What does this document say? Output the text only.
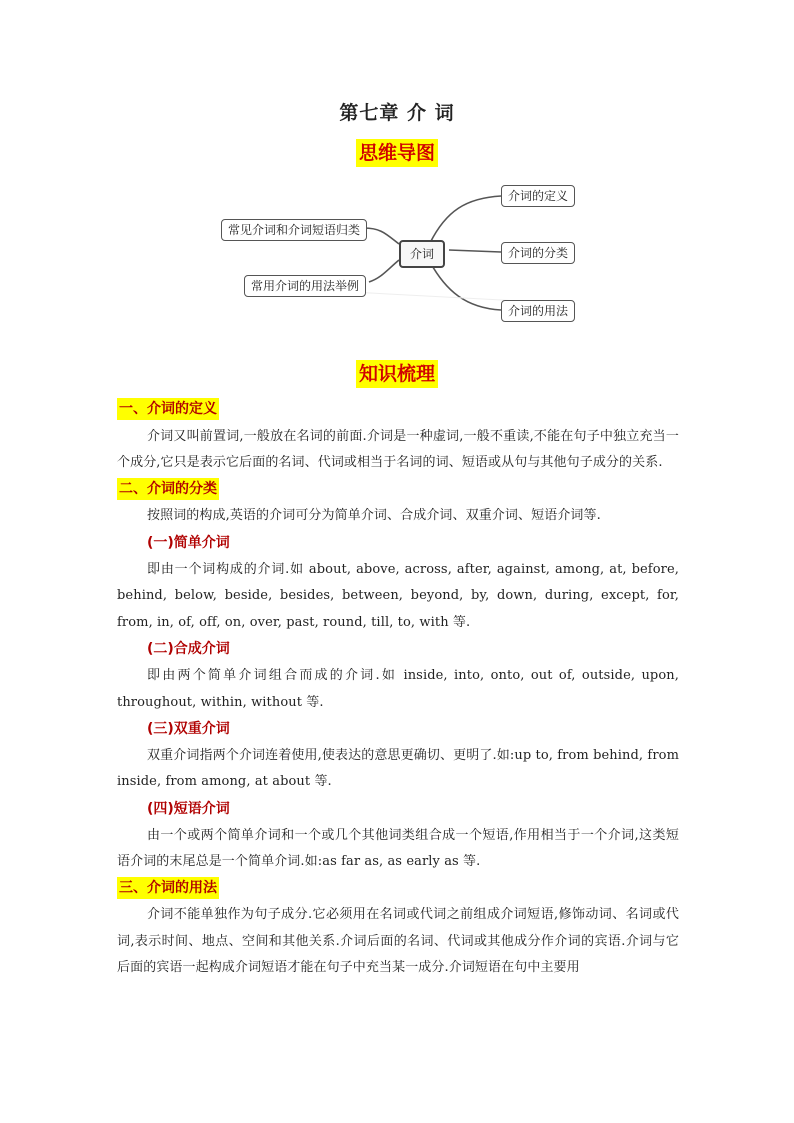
第七章 介 词
思维导图
常见介词和介词短语归类
常用介词的用法举例
介词
介词的定义
介词的分类
介词的用法
知识梳理
一、介词的定义

介词又叫前置词,一般放在名词的前面.介词是一种虚词,一般不重读,不能在句子中独立充当一个成分,它只是表示它后面的名词、代词或相当于名词的词、短语或从句与其他句子成分的关系.

二、介词的分类

按照词的构成,英语的介词可分为简单介词、合成介词、双重介词、短语介词等.

(一)简单介词

即由一个词构成的介词.如 about, above, across, after, against, among, at, before, behind, below, beside, besides, between, beyond, by, down, during, except, for, from, in, of, off, on, over, past, round, till, to, with 等.

(二)合成介词

即由两个简单介词组合而成的介词.如 inside, into, onto, out of, outside, upon, throughout, within, without 等.

(三)双重介词

双重介词指两个介词连着使用,使表达的意思更确切、更明了.如:up to, from behind, from inside, from among, at about 等.

(四)短语介词

由一个或两个简单介词和一个或几个其他词类组合成一个短语,作用相当于一个介词,这类短语介词的末尾总是一个简单介词.如:as far as, as early as 等.

三、介词的用法

介词不能单独作为句子成分.它必须用在名词或代词之前组成介词短语,修饰动词、名词或代词,表示时间、地点、空间和其他关系.介词后面的名词、代词或其他成分作介词的宾语.介词与它后面的宾语一起构成介词短语才能在句子中充当某一成分.介词短语在句中主要用
